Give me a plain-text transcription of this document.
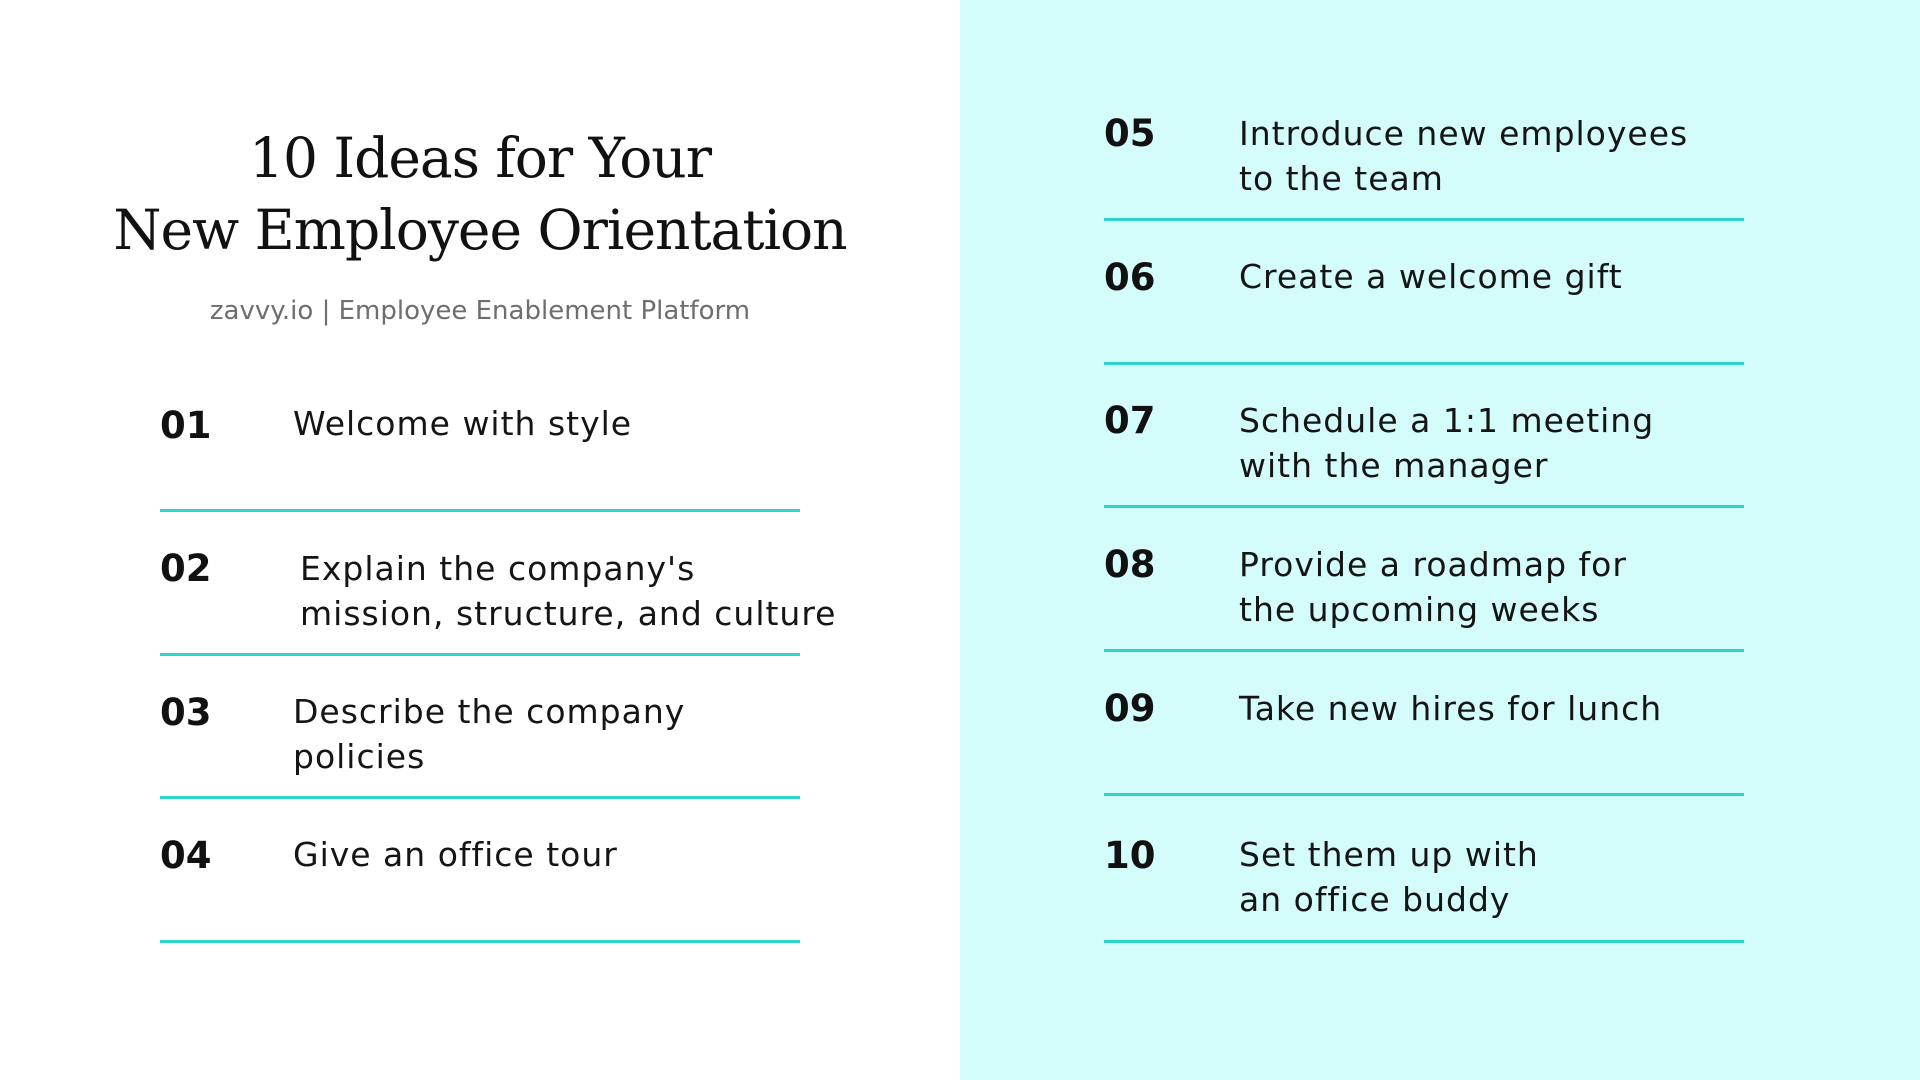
10 Ideas for Your
New Employee Orientation
zavvy.io | Employee Enablement Platform
01 Welcome with style
02	Explain the company's
mission, structure, and culture
03 Describe the company
policies
04 Give an office tour
05	Introduce new employees
to the team
06	Create a welcome gift
07	Schedule a 1:1 meeting
with the manager
08	Provide a roadmap for
the upcoming weeks
09	Take new hires for lunch
10	Set them up with
an office buddy
